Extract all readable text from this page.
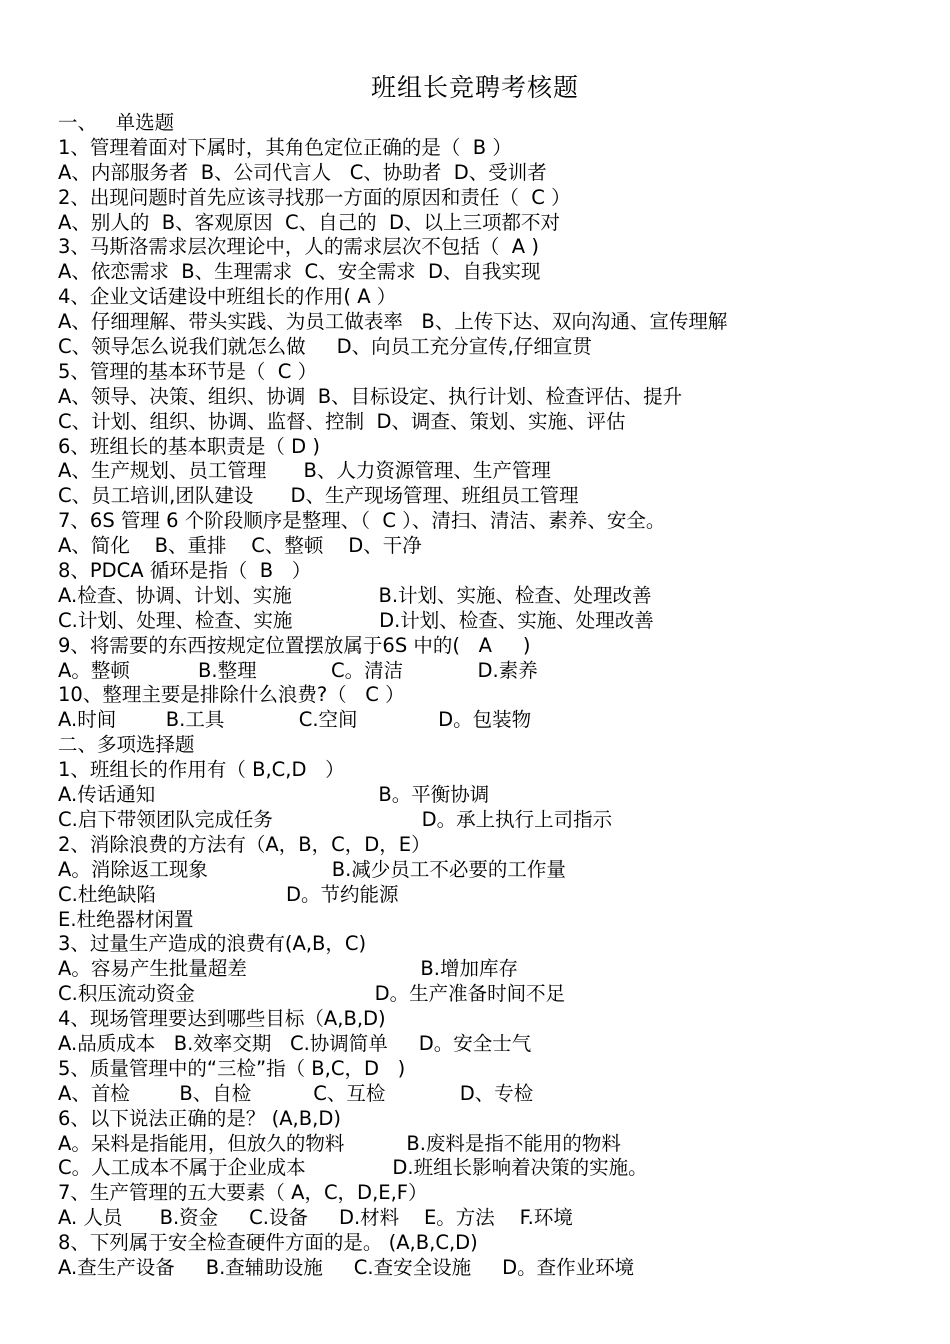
班组长竞聘考核题
一、   单选题
1、管理着面对下属时，其角色定位正确的是（  B ）
A、内部服务者  B、公司代言人   C、协助者  D、受训者
2、出现问题时首先应该寻找那一方面的原因和责任（  C ）
A、别人的  B、客观原因  C、自己的  D、以上三项都不对
3、马斯洛需求层次理论中，人的需求层次不包括（  A )
A、依恋需求  B、生理需求  C、安全需求  D、自我实现
4、企业文话建设中班组长的作用( A ）
A、仔细理解、带头实践、为员工做表率   B、上传下达、双向沟通、宣传理解
C、领导怎么说我们就怎么做     D、向员工充分宣传,仔细宣贯
5、管理的基本环节是（  C ）
A、领导、决策、组织、协调  B、目标设定、执行计划、检查评估、提升
C、计划、组织、协调、监督、控制  D、调查、策划、实施、评估
6、班组长的基本职责是（ D )
A、生产规划、员工管理      B、人力资源管理、生产管理
C、员工培训,团队建设      D、生产现场管理、班组员工管理
7、6S 管理 6 个阶段顺序是整理、（  C ）、清扫、清洁、素养、安全。
A、简化    B、重排    C、整顿    D、干净
8、PDCA 循环是指（  B   ）
A.检查、协调、计划、实施              B.计划、实施、检查、处理改善
C.计划、处理、检查、实施              D.计划、检查、实施、处理改善
9、将需要的东西按规定位置摆放属于6S 中的(   A     )
A。整顿           B.整理            C。清洁            D.素养
10、整理主要是排除什么浪费?（   C ）
A.时间        B.工具            C.空间             D。包装物
二、多项选择题
1、班组长的作用有（ B,C,D   ）
A.传话通知                                    B。平衡协调
C.启下带领团队完成任务                        D。承上执行上司指示
2、消除浪费的方法有（A，B，C，D，E）
A。消除返工现象                    B.减少员工不必要的工作量
C.杜绝缺陷                     D。节约能源
E.杜绝器材闲置
3、过量生产造成的浪费有(A,B，C)
A。容易产生批量超差                            B.增加库存
C.积压流动资金                             D。生产准备时间不足
4、现场管理要达到哪些目标（A,B,D)
A.品质成本   B.效率交期   C.协调简单     D。安全士气
5、质量管理中的“三检”指（ B,C，D   )
A、首检        B、自检          C、互检            D、专检
6、以下说法正确的是？ (A,B,D)
A。呆料是指能用，但放久的物料          B.废料是指不能用的物料
C。人工成本不属于企业成本              D.班组长影响着决策的实施。
7、生产管理的五大要素（ A，C，D,E,F）
A. 人员      B.资金     C.设备     D.材料    E。方法    F.环境
8、下列属于安全检查硬件方面的是。 (A,B,C,D)
A.查生产设备     B.查辅助设施     C.查安全设施     D。查作业环境
